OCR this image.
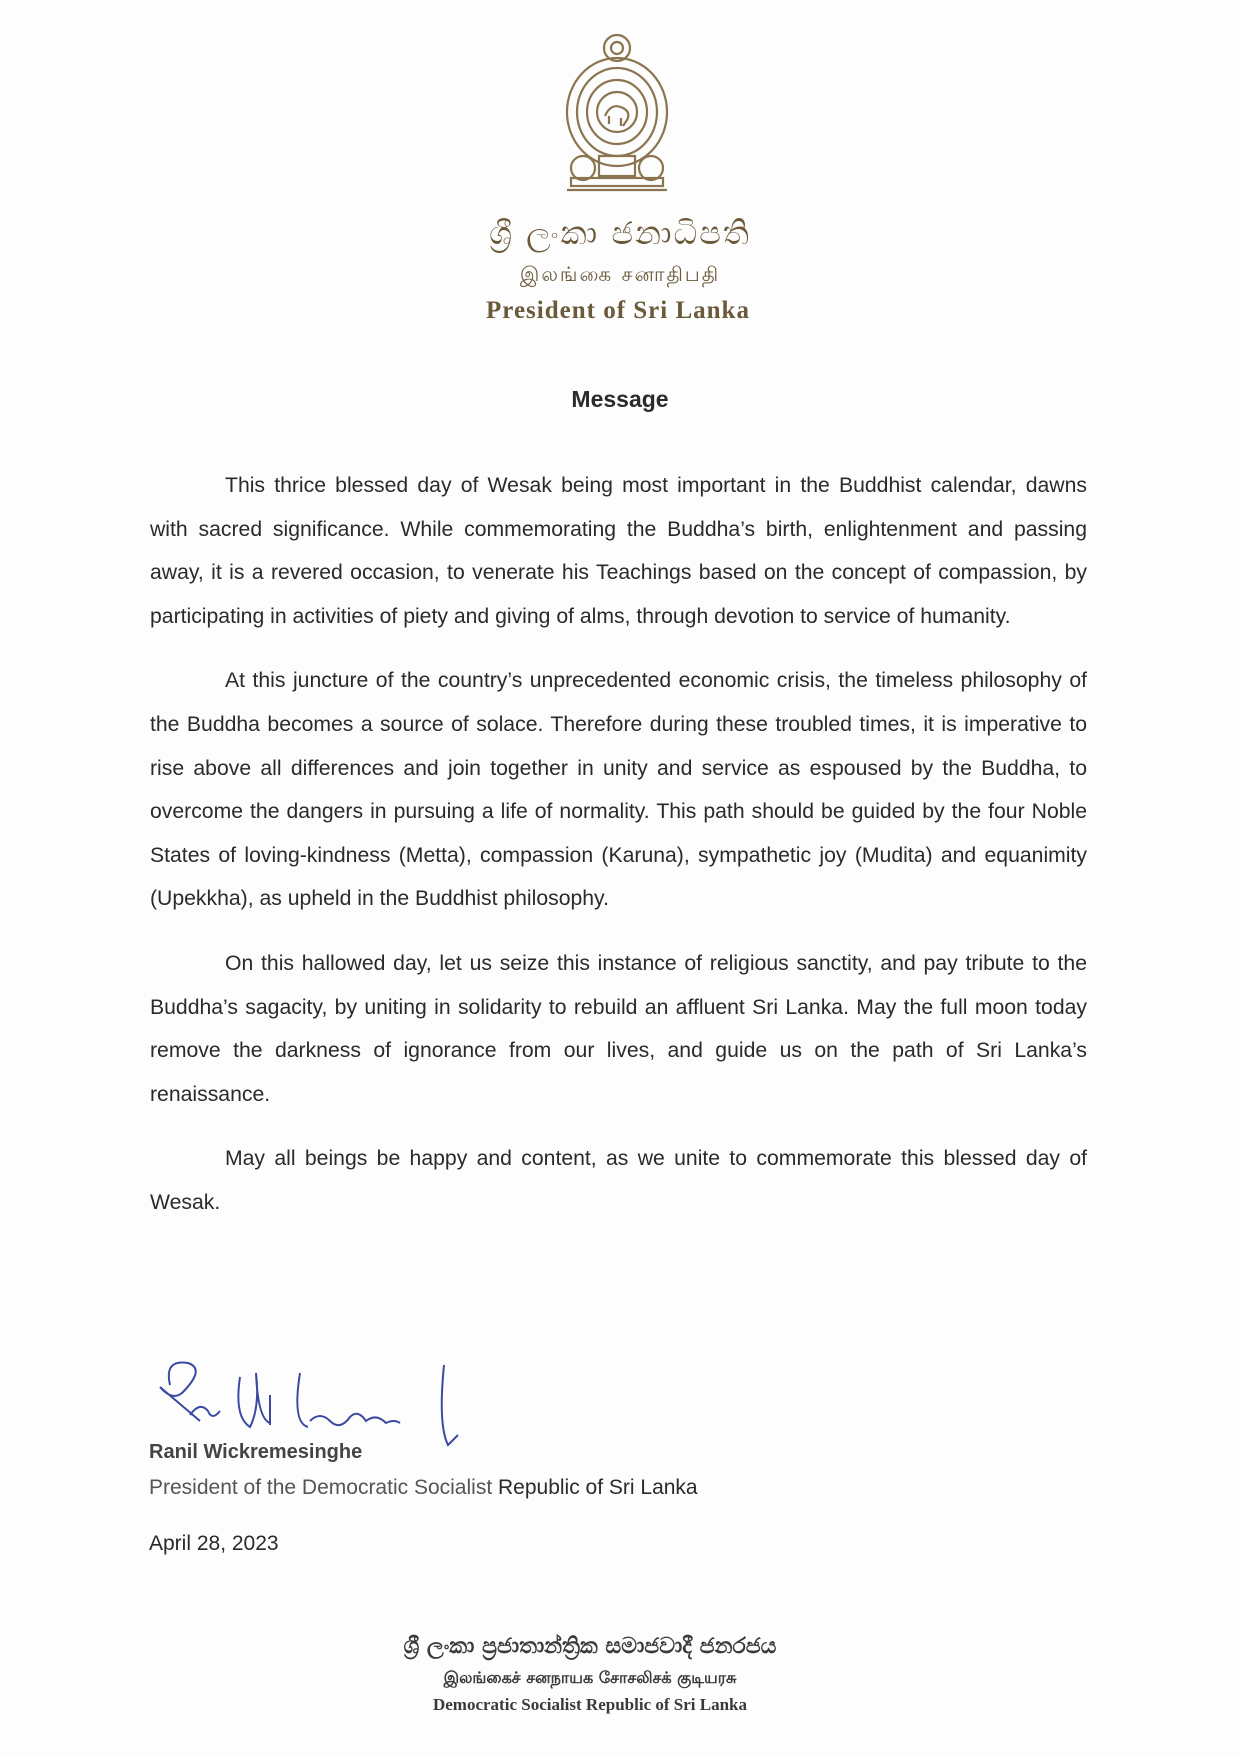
ශ්‍රී ලංකා ජනාධිපති
இலங்கை சனாதிபதி
President of Sri Lanka
Message

This thrice blessed day of Wesak being most important in the Buddhist calendar, dawns with sacred significance. While commemorating the Buddha’s birth, enlightenment and passing away, it is a revered occasion, to venerate his Teachings based on the concept of compassion, by participating in activities of piety and giving of alms, through devotion to service of humanity.

At this juncture of the country’s unprecedented economic crisis, the timeless philosophy of the Buddha becomes a source of solace. Therefore during these troubled times, it is imperative to rise above all differences and join together in unity and service as espoused by the Buddha, to overcome the dangers in pursuing a life of normality. This path should be guided by the four Noble States of loving-kindness (Metta), compassion (Karuna), sympathetic joy (Mudita) and equanimity (Upekkha), as upheld in the Buddhist philosophy.

On this hallowed day, let us seize this instance of religious sanctity, and pay tribute to the Buddha’s sagacity, by uniting in solidarity to rebuild an affluent Sri Lanka. May the full moon today remove the darkness of ignorance from our lives, and guide us on the path of Sri Lanka’s renaissance.

May all beings be happy and content, as we unite to commemorate this blessed day of Wesak.

Ranil Wickremesinghe
President of the Democratic Socialist Republic of Sri Lanka
April 28, 2023
ශ්‍රී ලංකා ප්‍රජාතාන්ත්‍රික සමාජවාදී ජනරජය
இலங்கைச் சனநாயக சோசலிசக் குடியரசு
Democratic Socialist Republic of Sri Lanka
